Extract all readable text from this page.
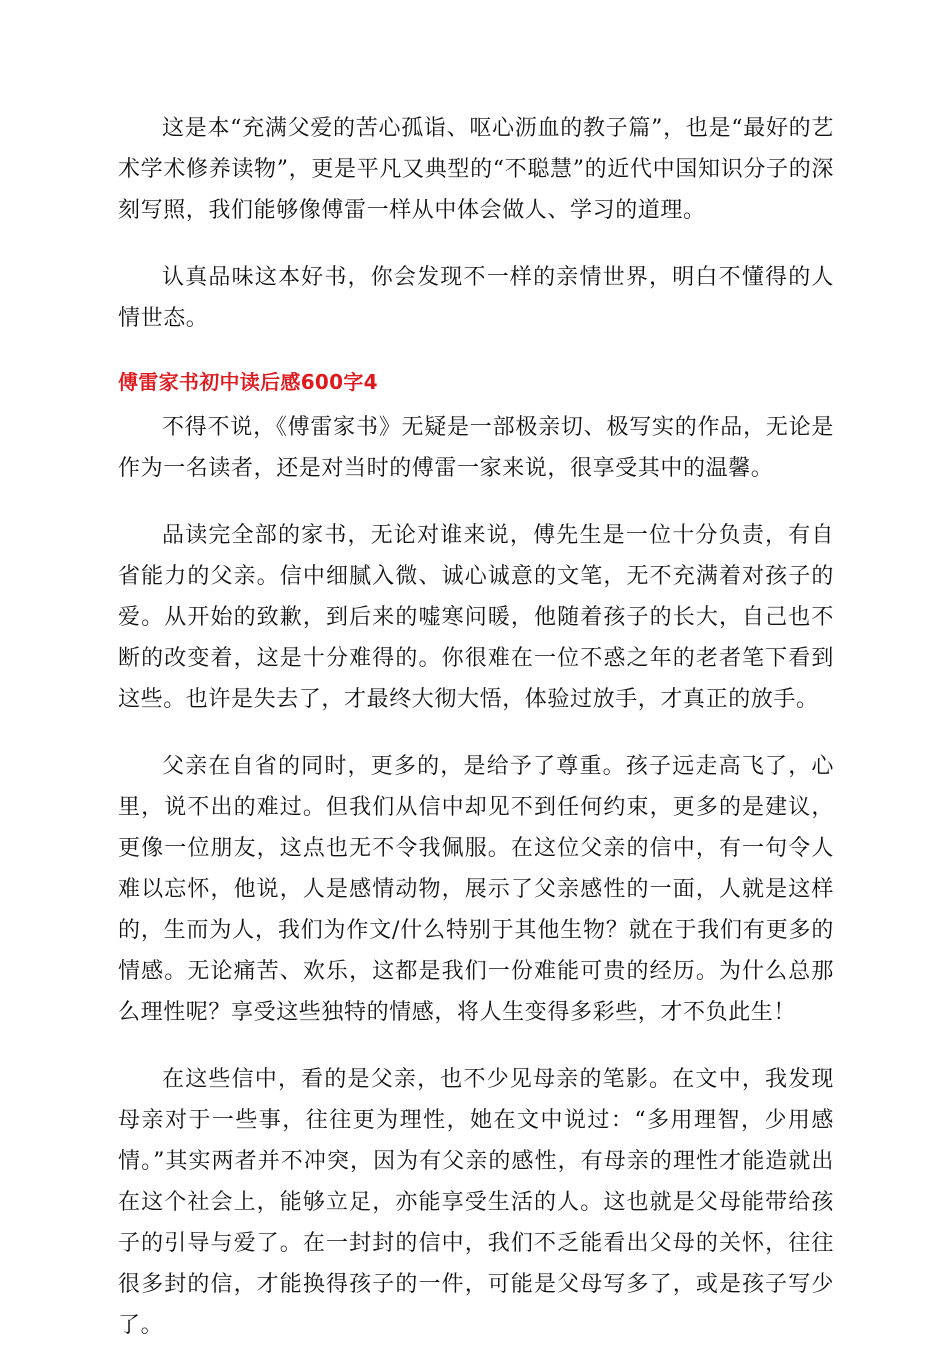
这是本“充满父爱的苦心孤诣、呕心沥血的教子篇”，也是“最好的艺术学术修养读物”，更是平凡又典型的“不聪慧”的近代中国知识分子的深刻写照，我们能够像傅雷一样从中体会做人、学习的道理。

认真品味这本好书，你会发现不一样的亲情世界，明白不懂得的人情世态。

傅雷家书初中读后感600字4

不得不说，《傅雷家书》无疑是一部极亲切、极写实的作品，无论是作为一名读者，还是对当时的傅雷一家来说，很享受其中的温馨。

品读完全部的家书，无论对谁来说，傅先生是一位十分负责，有自省能力的父亲。信中细腻入微、诚心诚意的文笔，无不充满着对孩子的爱。从开始的致歉，到后来的嘘寒问暖，他随着孩子的长大，自己也不断的改变着，这是十分难得的。你很难在一位不惑之年的老者笔下看到这些。也许是失去了，才最终大彻大悟，体验过放手，才真正的放手。

父亲在自省的同时，更多的，是给予了尊重。孩子远走高飞了，心里，说不出的难过。但我们从信中却见不到任何约束，更多的是建议，更像一位朋友，这点也无不令我佩服。在这位父亲的信中，有一句令人难以忘怀，他说，人是感情动物，展示了父亲感性的一面，人就是这样的，生而为人，我们为作文/什么特别于其他生物？就在于我们有更多的情感。无论痛苦、欢乐，这都是我们一份难能可贵的经历。为什么总那么理性呢？享受这些独特的情感，将人生变得多彩些，才不负此生！

在这些信中，看的是父亲，也不少见母亲的笔影。在文中，我发现母亲对于一些事，往往更为理性，她在文中说过：“多用理智，少用感情。”其实两者并不冲突，因为有父亲的感性，有母亲的理性才能造就出在这个社会上，能够立足，亦能享受生活的人。这也就是父母能带给孩子的引导与爱了。在一封封的信中，我们不乏能看出父母的关怀，往往很多封的信，才能换得孩子的一件，可能是父母写多了，或是孩子写少了。
